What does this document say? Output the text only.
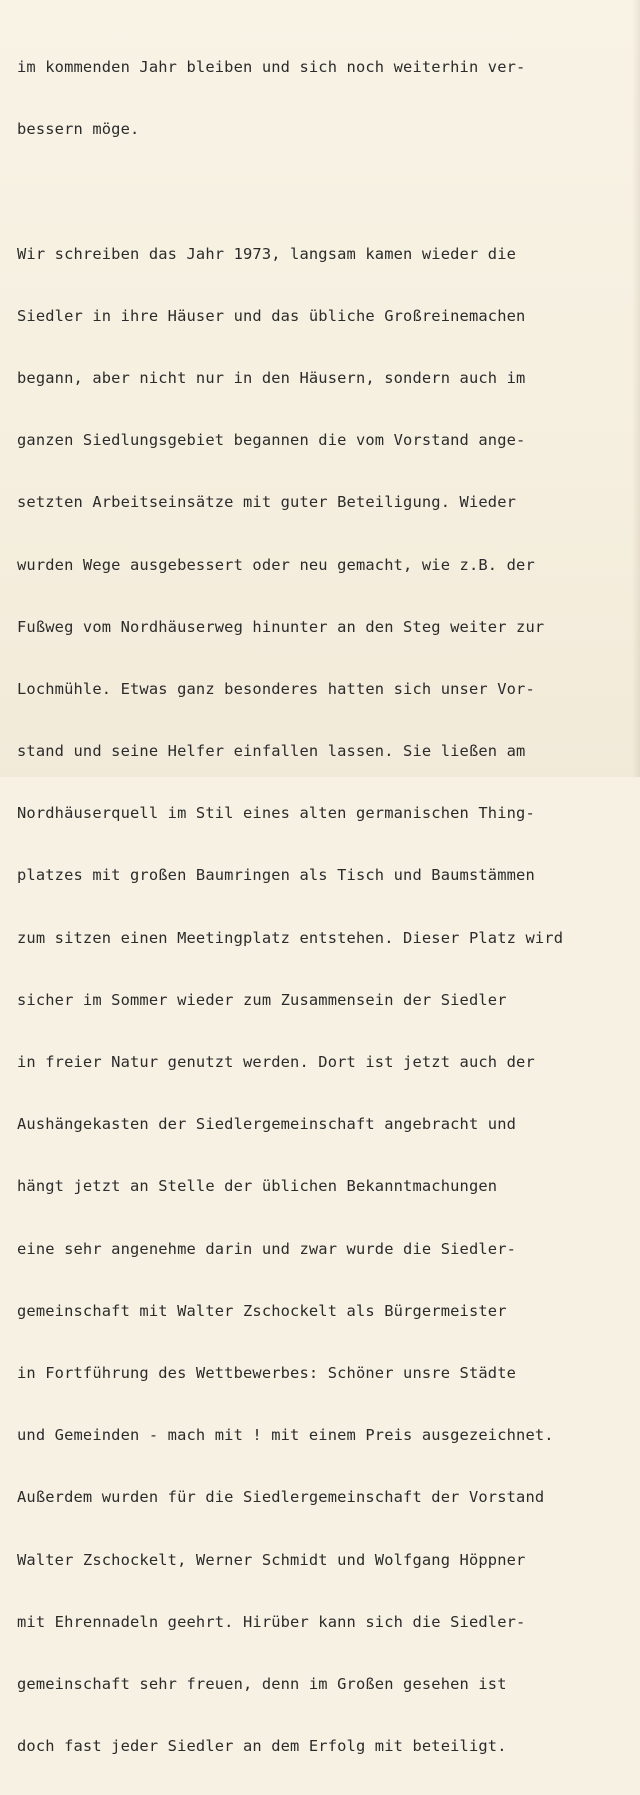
im kommenden Jahr bleiben und sich noch weiterhin ver-

bessern möge.

Wir schreiben das Jahr 1973, langsam kamen wieder die

Siedler in ihre Häuser und das übliche Großreinemachen

begann, aber nicht nur in den Häusern, sondern auch im

ganzen Siedlungsgebiet begannen die vom Vorstand ange-

setzten Arbeitseinsätze mit guter Beteiligung. Wieder

wurden Wege ausgebessert oder neu gemacht, wie z.B. der

Fußweg vom Nordhäuserweg hinunter an den Steg weiter zur

Lochmühle. Etwas ganz besonderes hatten sich unser Vor-

stand und seine Helfer einfallen lassen. Sie ließen am

Nordhäuserquell im Stil eines alten germanischen Thing-

platzes mit großen Baumringen als Tisch und Baumstämmen

zum sitzen einen Meetingplatz entstehen. Dieser Platz wird

sicher im Sommer wieder zum Zusammensein der Siedler

in freier Natur genutzt werden. Dort ist jetzt auch der

Aushängekasten der Siedlergemeinschaft angebracht und

hängt jetzt an Stelle der üblichen Bekanntmachungen

eine sehr angenehme darin und zwar wurde die Siedler-

gemeinschaft mit Walter Zschockelt als Bürgermeister

in Fortführung des Wettbewerbes: Schöner unsre Städte

und Gemeinden - mach mit ! mit einem Preis ausgezeichnet.

Außerdem wurden für die Siedlergemeinschaft der Vorstand

Walter Zschockelt, Werner Schmidt und Wolfgang Höppner

mit Ehrennadeln geehrt. Hirüber kann sich die Siedler-

gemeinschaft sehr freuen, denn im Großen gesehen ist

doch fast jeder Siedler an dem Erfolg mit beteiligt.
